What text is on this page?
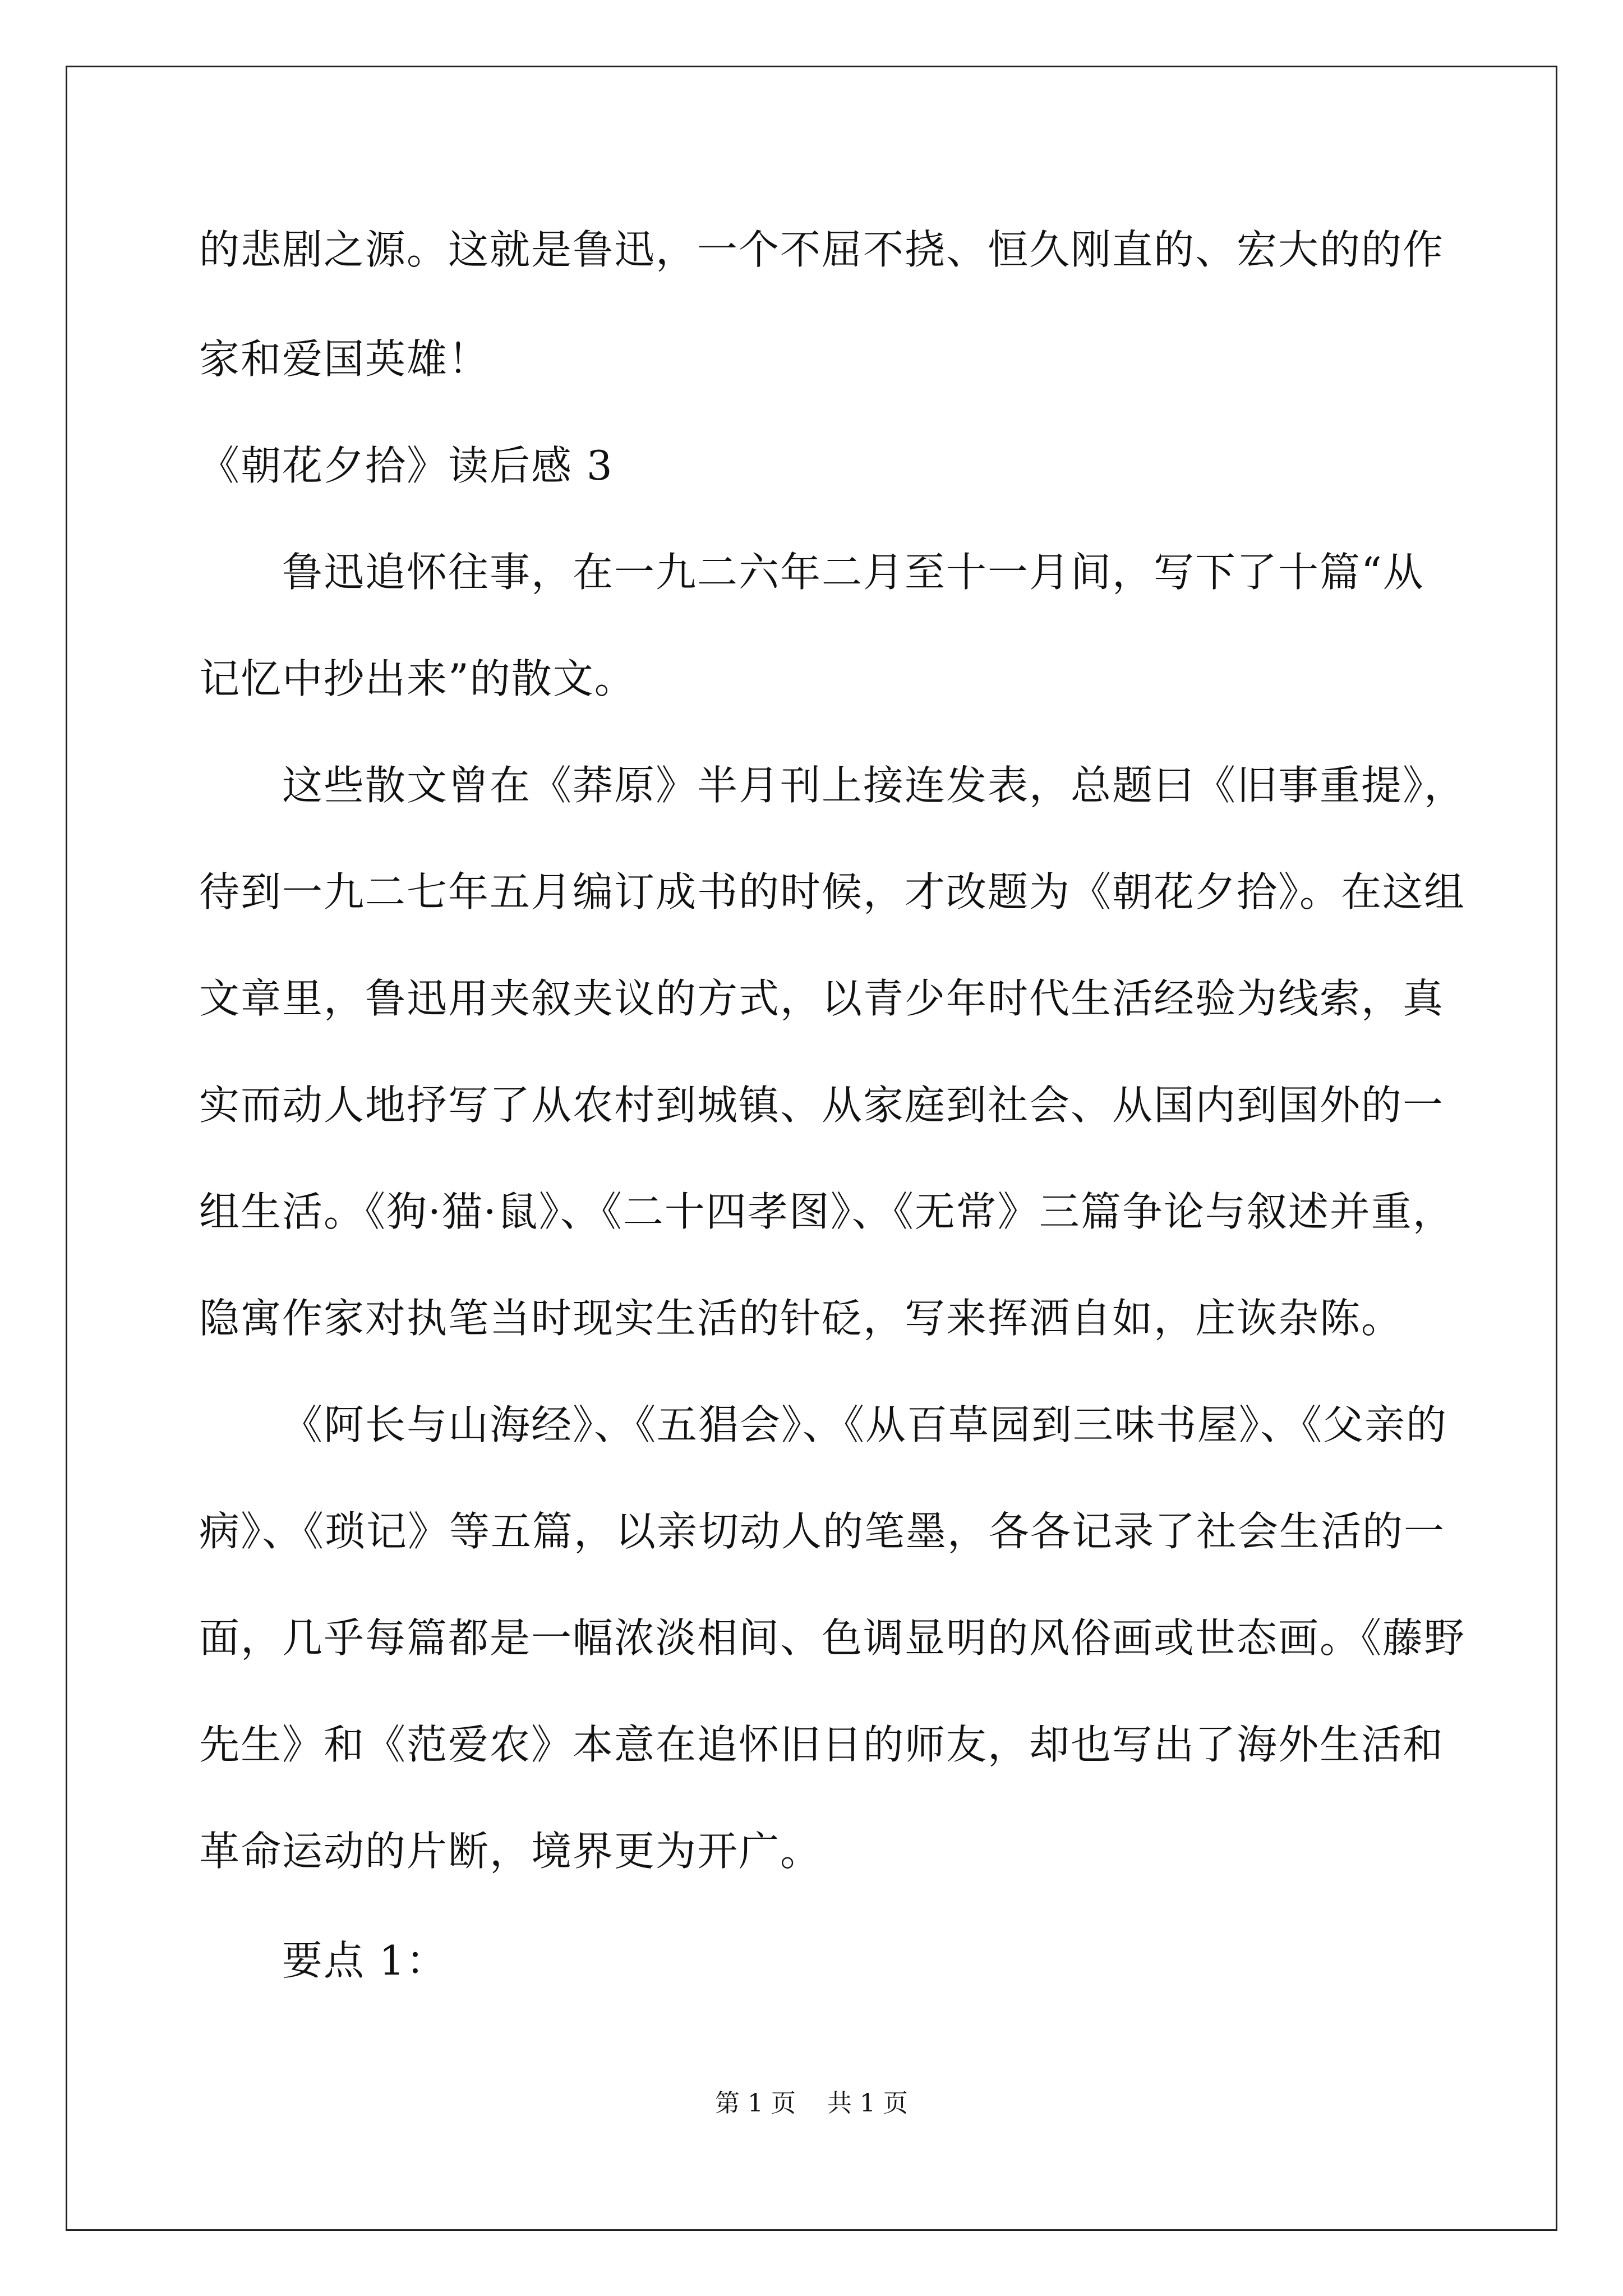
的悲剧之源。这就是鲁迅，一个不屈不挠、恒久刚直的、宏大的的作
家和爱国英雄！
《朝花夕拾》读后感 3
鲁迅追怀往事，在一九二六年二月至十一月间，写下了十篇“从
记忆中抄出来”的散文。
这些散文曾在《莽原》半月刊上接连发表，总题曰《旧事重提》，
待到一九二七年五月编订成书的时候，才改题为《朝花夕拾》。在这组
文章里，鲁迅用夹叙夹议的方式，以青少年时代生活经验为线索，真
实而动人地抒写了从农村到城镇、从家庭到社会、从国内到国外的一
组生活。《狗·猫·鼠》、《二十四孝图》、《无常》三篇争论与叙述并重，
隐寓作家对执笔当时现实生活的针砭，写来挥洒自如，庄诙杂陈。
《阿长与山海经》、《五猖会》、《从百草园到三味书屋》、《父亲的
病》、《琐记》等五篇，以亲切动人的笔墨，各各记录了社会生活的一
面，几乎每篇都是一幅浓淡相间、色调显明的风俗画或世态画。《藤野
先生》和《范爱农》本意在追怀旧日的师友，却也写出了海外生活和
革命运动的片断，境界更为开广。
要点 1：
第 1 页    共 1 页
